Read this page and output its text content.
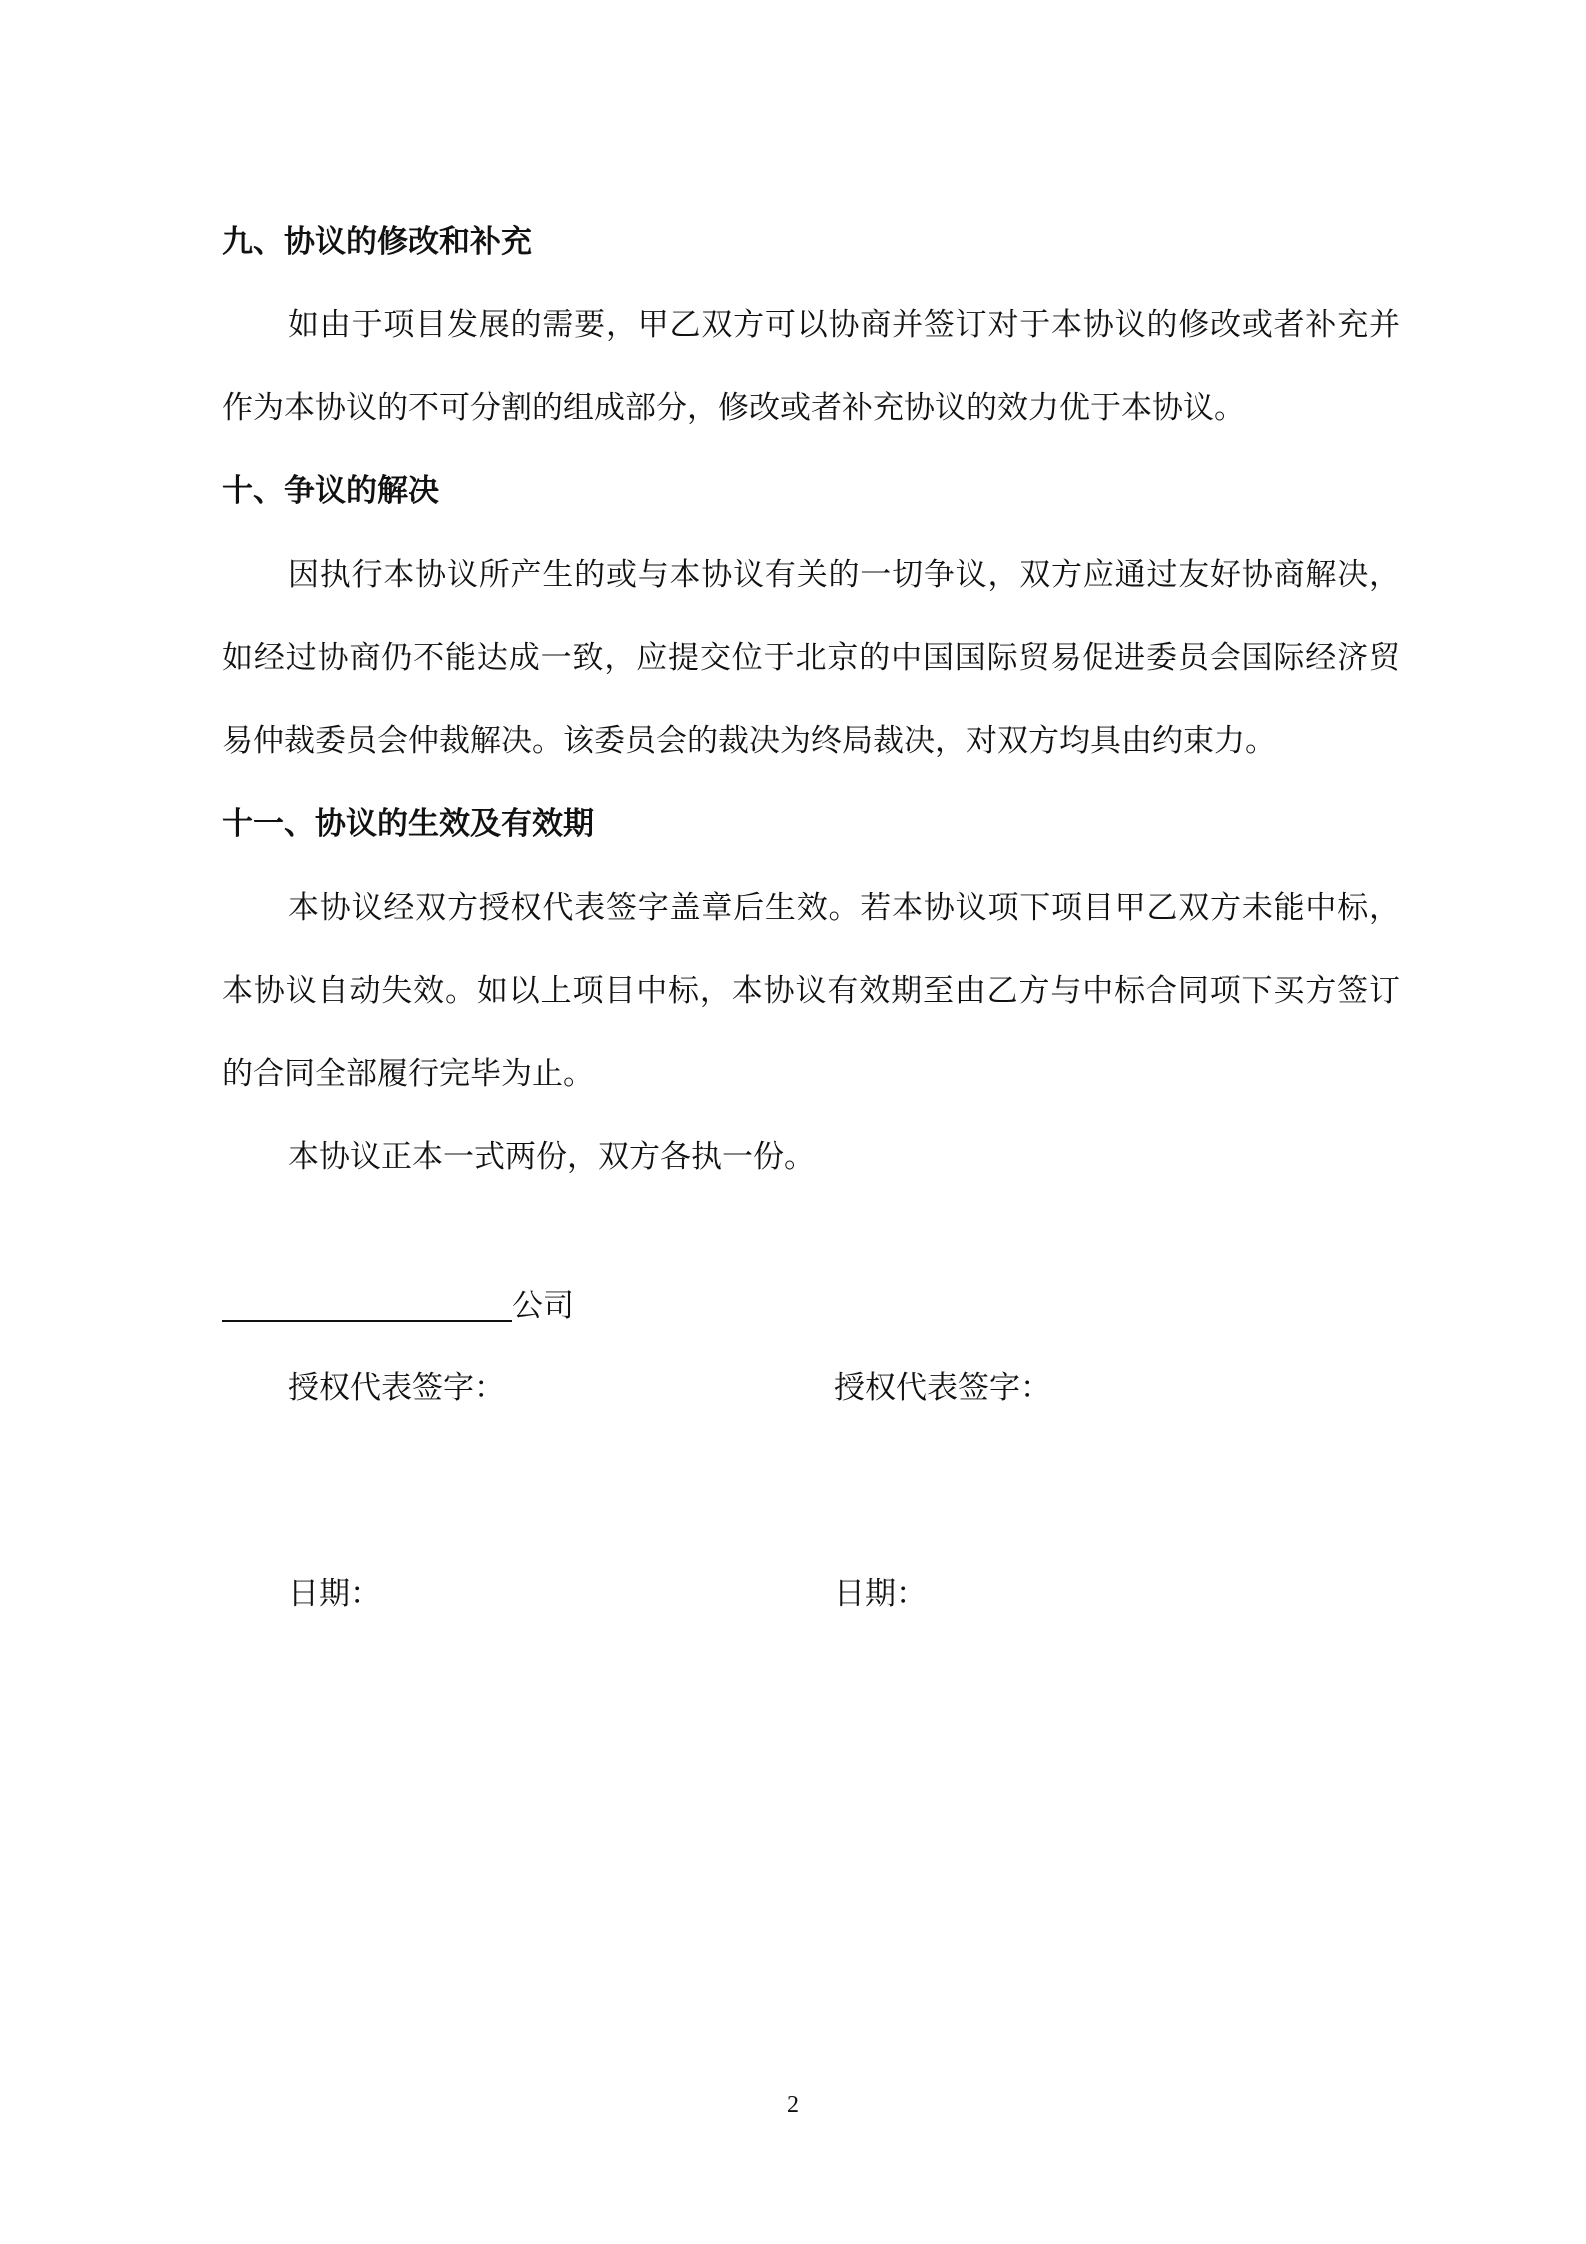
九、协议的修改和补充
如由于项目发展的需要，甲乙双方可以协商并签订对于本协议的修改或者补充并
作为本协议的不可分割的组成部分，修改或者补充协议的效力优于本协议。
十、争议的解决
因执行本协议所产生的或与本协议有关的一切争议，双方应通过友好协商解决，
如经过协商仍不能达成一致，应提交位于北京的中国国际贸易促进委员会国际经济贸
易仲裁委员会仲裁解决。该委员会的裁决为终局裁决，对双方均具由约束力。
十一、协议的生效及有效期
本协议经双方授权代表签字盖章后生效。若本协议项下项目甲乙双方未能中标，
本协议自动失效。如以上项目中标，本协议有效期至由乙方与中标合同项下买方签订
的合同全部履行完毕为止。
本协议正本一式两份，双方各执一份。
公司
授权代表签字：	授权代表签字：
日期：	日期：
2
